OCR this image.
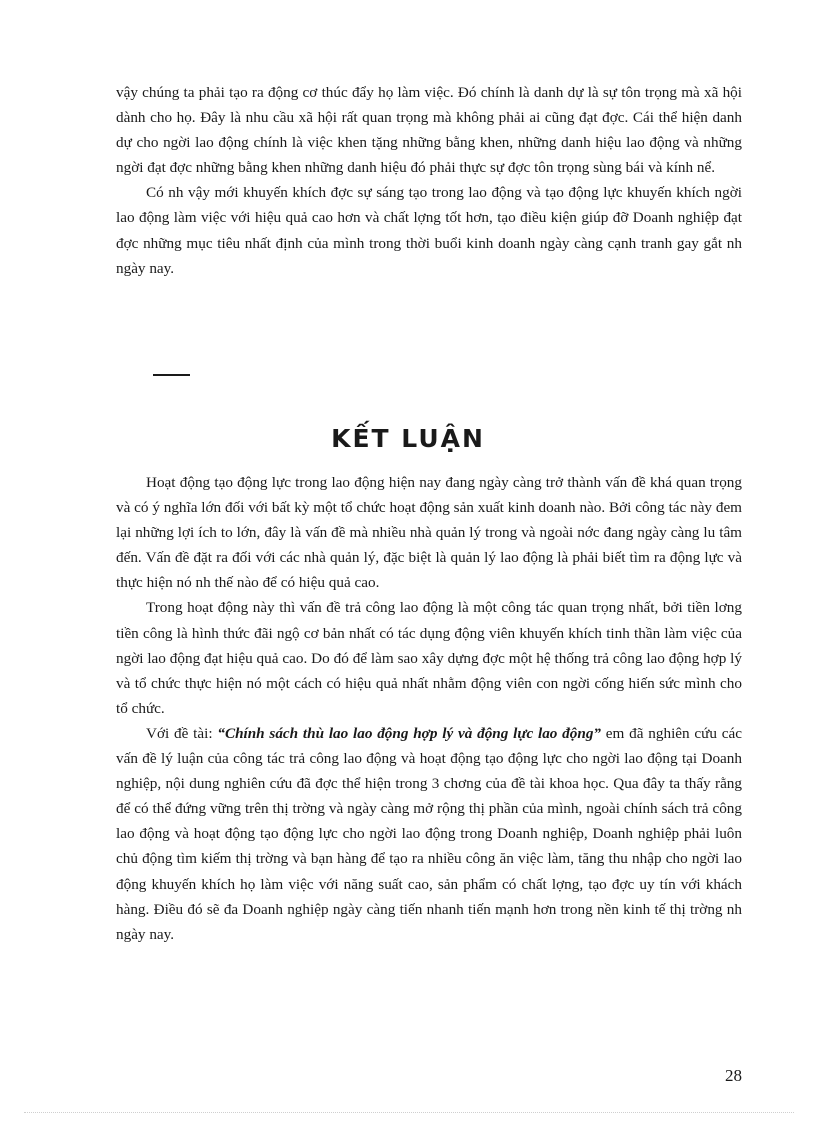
vậy chúng ta phải tạo ra động cơ thúc đẩy họ làm việc. Đó chính là danh dự là sự tôn trọng mà xã hội dành cho họ. Đây là nhu cầu xã hội rất quan trọng mà không phải ai cũng đạt đợc. Cái thể hiện danh dự cho ngời lao động chính là việc khen tặng những bằng khen, những danh hiệu lao động và những ngời đạt đợc những bằng khen những danh hiệu đó phải thực sự đợc tôn trọng sùng bái và kính nể.

Có nh vậy mới khuyến khích đợc sự sáng tạo trong lao động và tạo động lực khuyến khích ngời lao động làm việc với hiệu quả cao hơn và chất lợng tốt hơn, tạo điều kiện giúp đỡ Doanh nghiệp đạt đợc những mục tiêu nhất định của mình trong thời buổi kinh doanh ngày càng cạnh tranh gay gắt nh ngày nay.

KẾT LUẬN

Hoạt động tạo động lực trong lao động hiện nay đang ngày càng trở thành vấn đề khá quan trọng và có ý nghĩa lớn đối với bất kỳ một tổ chức hoạt động sản xuất kinh doanh nào. Bởi công tác này đem lại những lợi ích to lớn, đây là vấn đề mà nhiều nhà quản lý trong và ngoài nớc đang ngày càng lu tâm đến. Vấn đề đặt ra đối với các nhà quản lý, đặc biệt là quản lý lao động là phải biết tìm ra động lực và thực hiện nó nh thế nào để có hiệu quả cao.

Trong hoạt động này thì vấn đề trả công lao động là một công tác quan trọng nhất, bởi tiền lơng tiền công là hình thức đãi ngộ cơ bản nhất có tác dụng động viên khuyến khích tinh thần làm việc của ngời lao động đạt hiệu quả cao. Do đó để làm sao xây dựng đợc một hệ thống trả công lao động hợp lý và tổ chức thực hiện nó một cách có hiệu quả nhất nhằm động viên con ngời cống hiến sức mình cho tổ chức.

Với đề tài: “Chính sách thù lao lao động hợp lý và động lực lao động” em đã nghiên cứu các vấn đề lý luận của công tác trả công lao động và hoạt động tạo động lực cho ngời lao động tại Doanh nghiệp, nội dung nghiên cứu đã đợc thể hiện trong 3 chơng của đề tài khoa học. Qua đây ta thấy rằng để có thể đứng vững trên thị trờng và ngày càng mở rộng thị phần của mình, ngoài chính sách trả công lao động và hoạt động tạo động lực cho ngời lao động trong Doanh nghiệp, Doanh nghiệp phải luôn chủ động tìm kiếm thị trờng và bạn hàng để tạo ra nhiều công ăn việc làm, tăng thu nhập cho ngời lao động khuyến khích họ làm việc với năng suất cao, sản phẩm có chất lợng, tạo đợc uy tín với khách hàng. Điều đó sẽ đa Doanh nghiệp ngày càng tiến nhanh tiến mạnh hơn trong nền kinh tế thị trờng nh ngày nay.

28
